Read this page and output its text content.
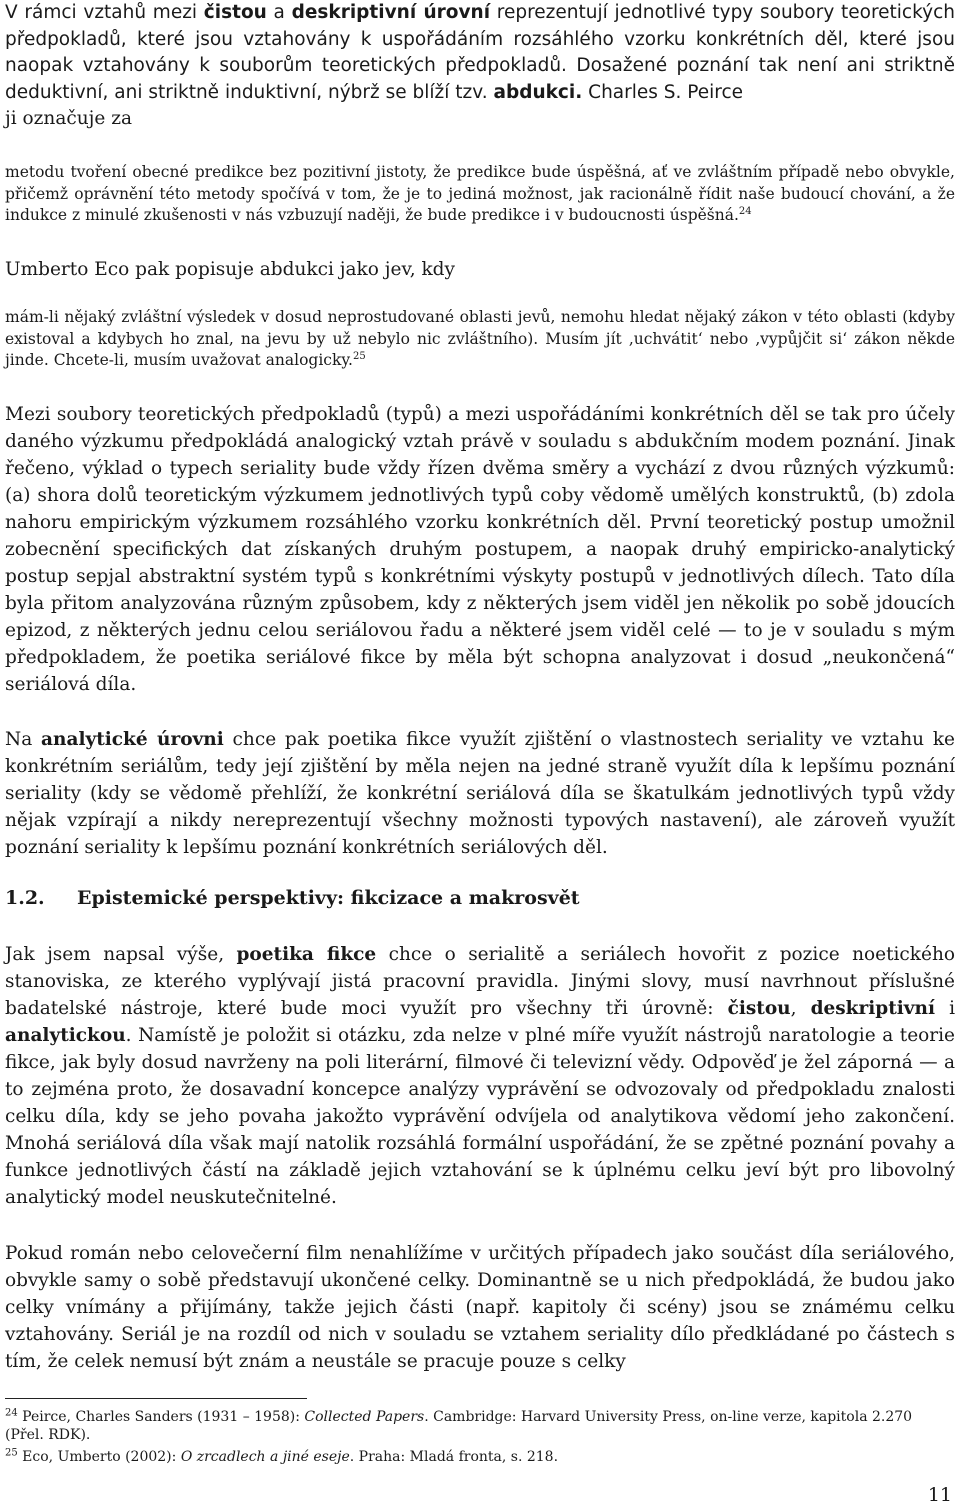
V rámci vztahů mezi čistou a deskriptivní úrovní reprezentují jednotlivé typy soubory teoretických předpokladů, které jsou vztahovány k uspořádáním rozsáhlého vzorku konkrétních děl, které jsou naopak vztahovány k souborům teoretických předpokladů. Dosažené poznání tak není ani striktně deduktivní, ani striktně induktivní, nýbrž se blíží tzv. abdukci. Charles S. Peirce

ji označuje za

metodu tvoření obecné predikce bez pozitivní jistoty, že predikce bude úspěšná, ať ve zvláštním případě nebo obvykle, přičemž oprávnění této metody spočívá v tom, že je to jediná možnost, jak racionálně řídit naše budoucí chování, a že indukce z minulé zkušenosti v nás vzbuzují naději, že bude predikce i v budoucnosti úspěšná.$^{24}$

Umberto Eco pak popisuje abdukci jako jev, kdy

mám-li nějaký zvláštní výsledek v dosud neprostudované oblasti jevů, nemohu hledat nějaký zákon v této oblasti (kdyby existoval a kdybych ho znal, na jevu by už nebylo nic zvláštního). Musím jít ‚uchvátit‘ nebo ‚vypůjčit si‘ zákon někde jinde. Chcete-li, musím uvažovat analogicky.$^{25}$

Mezi soubory teoretických předpokladů (typů) a mezi uspořádáními konkrétních děl se tak pro účely daného výzkumu předpokládá analogický vztah právě v souladu s abdukčním modem poznání. Jinak řečeno, výklad o typech seriality bude vždy řízen dvěma směry a vychází z dvou různých výzkumů: (a) shora dolů teoretickým výzkumem jednotlivých typů coby vědomě umělých konstruktů, (b) zdola nahoru empirickým výzkumem rozsáhlého vzorku konkrétních děl. První teoretický postup umožnil zobecnění specifických dat získaných druhým postupem, a naopak druhý empiricko-analytický postup sepjal abstraktní systém typů s konkrétními výskyty postupů v jednotlivých dílech. Tato díla byla přitom analyzována různým způsobem, kdy z některých jsem viděl jen několik po sobě jdoucích epizod, z některých jednu celou seriálovou řadu a některé jsem viděl celé — to je v souladu s mým předpokladem, že poetika seriálové fikce by měla být schopna analyzovat i dosud „neukončená“ seriálová díla.

Na analytické úrovni chce pak poetika fikce využít zjištění o vlastnostech seriality ve vztahu ke konkrétním seriálům, tedy její zjištění by měla nejen na jedné straně využít díla k lepšímu poznání seriality (kdy se vědomě přehlíží, že konkrétní seriálová díla se škatulkám jednotlivých typů vždy nějak vzpírají a nikdy nereprezentují všechny možnosti typových nastavení), ale zároveň využít poznání seriality k lepšímu poznání konkrétních seriálových děl.

1.2. Epistemické perspektivy: fikcizace a makrosvět

Jak jsem napsal výše, poetika fikce chce o serialitě a seriálech hovořit z pozice noetického stanoviska, ze kterého vyplývají jistá pracovní pravidla. Jinými slovy, musí navrhnout příslušné badatelské nástroje, které bude moci využít pro všechny tři úrovně: čistou, deskriptivní i analytickou. Namístě je položit si otázku, zda nelze v plné míře využít nástrojů naratologie a teorie fikce, jak byly dosud navrženy na poli literární, filmové či televizní vědy. Odpověď je žel záporná — a to zejména proto, že dosavadní koncepce analýzy vyprávění se odvozovaly od předpokladu znalosti celku díla, kdy se jeho povaha jakožto vyprávění odvíjela od analytikova vědomí jeho zakončení. Mnohá seriálová díla však mají natolik rozsáhlá formální uspořádání, že se zpětné poznání povahy a funkce jednotlivých částí na základě jejich vztahování se k úplnému celku jeví být pro libovolný analytický model neuskutečnitelné.

Pokud román nebo celovečerní film nenahlížíme v určitých případech jako součást díla seriálového, obvykle samy o sobě představují ukončené celky. Dominantně se u nich předpokládá, že budou jako celky vnímány a přijímány, takže jejich části (např. kapitoly či scény) jsou se známému celku vztahovány. Seriál je na rozdíl od nich v souladu se vztahem seriality dílo předkládané po částech s tím, že celek nemusí být znám a neustále se pracuje pouze s celky

$^{24}$ Peirce, Charles Sanders (1931 – 1958): Collected Papers. Cambridge: Harvard University Press, on-line verze, kapitola 2.270 (Přel. RDK).
$^{25}$ Eco, Umberto (2002): O zrcadlech a jiné eseje. Praha: Mladá fronta, s. 218.
11
